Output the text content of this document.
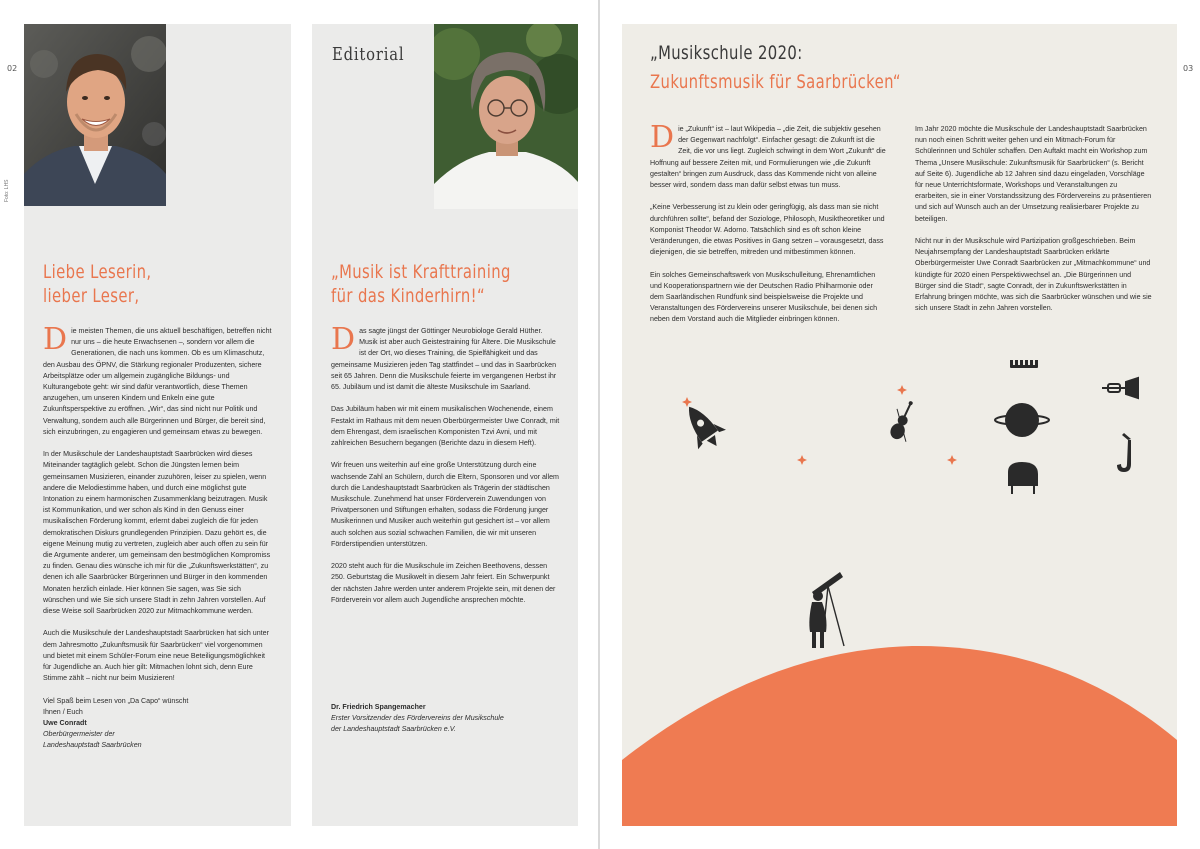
02	03
Foto: LHS
Liebe Leserin,
lieber Leser,

Die meisten Themen, die uns aktuell beschäftigen, betreffen nicht nur uns – die heute Erwachsenen –, sondern vor allem die Generationen, die nach uns kommen. Ob es um Klimaschutz, den Ausbau des ÖPNV, die Stärkung regionaler Produzenten, sichere Arbeitsplätze oder um allgemein zugängliche Bildungs- und Kulturangebote geht: wir sind dafür verantwortlich, diese Themen anzugehen, um unseren Kindern und Enkeln eine gute Zukunftsperspektive zu eröffnen. „Wir“, das sind nicht nur Politik und Verwaltung, sondern auch alle Bürgerinnen und Bürger, die bereit sind, sich einzubringen, zu engagieren und gemeinsam etwas zu bewegen.

In der Musikschule der Landeshauptstadt Saarbrücken wird dieses Miteinander tagtäglich gelebt. Schon die Jüngsten lernen beim gemeinsamen Musizieren, einander zuzuhören, leiser zu spielen, wenn andere die Melodiestimme haben, und durch eine möglichst gute Intonation zu einem harmonischen Zusammenklang beizutragen. Musik ist Kommunikation, und wer schon als Kind in den Genuss einer musikalischen Förderung kommt, erlernt dabei zugleich die für jeden demokratischen Diskurs grundlegenden Prinzipien. Dazu gehört es, die eigene Meinung mutig zu vertreten, zugleich aber auch offen zu sein für die Argumente anderer, um gemeinsam den bestmöglichen Kompromiss zu finden. Genau dies wünsche ich mir für die „Zukunftswerkstätten“, zu denen ich alle Saarbrücker Bürgerinnen und Bürger in den kommenden Monaten herzlich einlade. Hier können Sie sagen, was Sie sich wünschen und wie Sie sich unsere Stadt in zehn Jahren vorstellen. Auf diese Weise soll Saarbrücken 2020 zur Mitmachkommune werden.

Auch die Musikschule der Landeshauptstadt Saarbrücken hat sich unter dem Jahresmotto „Zukunftsmusik für Saarbrücken“ viel vorgenommen und bietet mit einem Schüler-Forum eine neue Beteiligungsmöglichkeit für Jugendliche an. Auch hier gilt: Mitmachen lohnt sich, denn Eure Stimme zählt – nicht nur beim Musizieren!

Viel Spaß beim Lesen von „Da Capo“ wünscht
Ihnen / Euch
Uwe Conradt
Oberbürgermeister der
Landeshauptstadt Saarbrücken
Editorial
„Musik ist Krafttraining
für das Kinderhirn!“

Das sagte jüngst der Göttinger Neurobiologe Gerald Hüther. Musik ist aber auch Geistestraining für Ältere. Die Musikschule ist der Ort, wo dieses Training, die Spielfähigkeit und das gemeinsame Musizieren jeden Tag stattfindet – und das in Saarbrücken seit 65 Jahren. Denn die Musikschule feierte im vergangenen Herbst ihr 65. Jubiläum und ist damit die älteste Musikschule im Saarland.

Das Jubiläum haben wir mit einem musikalischen Wochenende, einem Festakt im Rathaus mit dem neuen Oberbürgermeister Uwe Conradt, mit dem Ehrengast, dem israelischen Komponisten Tzvi Avni, und mit zahlreichen Besuchern begangen (Berichte dazu in diesem Heft).

Wir freuen uns weiterhin auf eine große Unterstützung durch eine wachsende Zahl an Schülern, durch die Eltern, Sponsoren und vor allem durch die Landeshauptstadt Saarbrücken als Trägerin der städtischen Musikschule. Zunehmend hat unser Förderverein Zuwendungen von Privatpersonen und Stiftungen erhalten, sodass die Förderung junger Musikerinnen und Musiker auch weiterhin gut gesichert ist – vor allem auch solchen aus sozial schwachen Familien, die wir mit unseren Förderstipendien unterstützen.

2020 steht auch für die Musikschule im Zeichen Beethovens, dessen 250. Geburtstag die Musikwelt in diesem Jahr feiert. Ein Schwerpunkt der nächsten Jahre werden unter anderem Projekte sein, mit denen der Förderverein vor allem auch Jugendliche ansprechen möchte.

Dr. Friedrich Spangemacher
Erster Vorsitzender des Fördervereins der Musikschule
der Landeshauptstadt Saarbrücken e.V.
„Musikschule 2020:
Zukunftsmusik für Saarbrücken“

Die „Zukunft“ ist – laut Wikipedia – „die Zeit, die subjektiv gesehen der Gegenwart nachfolgt“. Einfacher gesagt: die Zukunft ist die Zeit, die vor uns liegt. Zugleich schwingt in dem Wort „Zukunft“ die Hoffnung auf bessere Zeiten mit, und Formulierungen wie „die Zukunft gestalten“ bringen zum Ausdruck, dass das Kommende nicht von alleine besser wird, sondern dass man dafür selbst etwas tun muss.

„Keine Verbesserung ist zu klein oder geringfügig, als dass man sie nicht durchführen sollte“, befand der Soziologe, Philosoph, Musiktheoretiker und Komponist Theodor W. Adorno. Tatsächlich sind es oft schon kleine Veränderungen, die etwas Positives in Gang setzen – vorausgesetzt, dass diejenigen, die sie betreffen, mitreden und mitbestimmen können.

Ein solches Gemeinschaftswerk von Musikschulleitung, Ehrenamtlichen und Kooperationspartnern wie der Deutschen Radio Philharmonie oder dem Saarländischen Rundfunk sind beispielsweise die Projekte und Veranstaltungen des Fördervereins unserer Musikschule, bei denen sich neben dem Vorstand auch die Mitglieder einbringen können.

Im Jahr 2020 möchte die Musikschule der Landeshauptstadt Saarbrücken nun noch einen Schritt weiter gehen und ein Mitmach-Forum für Schülerinnen und Schüler schaffen. Den Auftakt macht ein Workshop zum Thema „Unsere Musikschule: Zukunftsmusik für Saarbrücken“ (s. Bericht auf Seite 6). Jugendliche ab 12 Jahren sind dazu eingeladen, Vorschläge für neue Unterrichtsformate, Workshops und Veranstaltungen zu erarbeiten, sie in einer Vorstandssitzung des Fördervereins zu präsentieren und sich auf Wunsch auch an der Umsetzung realisierbarer Projekte zu beteiligen.

Nicht nur in der Musikschule wird Partizipation großgeschrieben. Beim Neujahrsempfang der Landeshauptstadt Saarbrücken erklärte Oberbürgermeister Uwe Conradt Saarbrücken zur „Mitmachkommune“ und kündigte für 2020 einen Perspektivwechsel an. „Die Bürgerinnen und Bürger sind die Stadt“, sagte Conradt, der in Zukunftswerkstätten in Erfahrung bringen möchte, was sich die Saarbrücker wünschen und wie sie sich unsere Stadt in zehn Jahren vorstellen.
